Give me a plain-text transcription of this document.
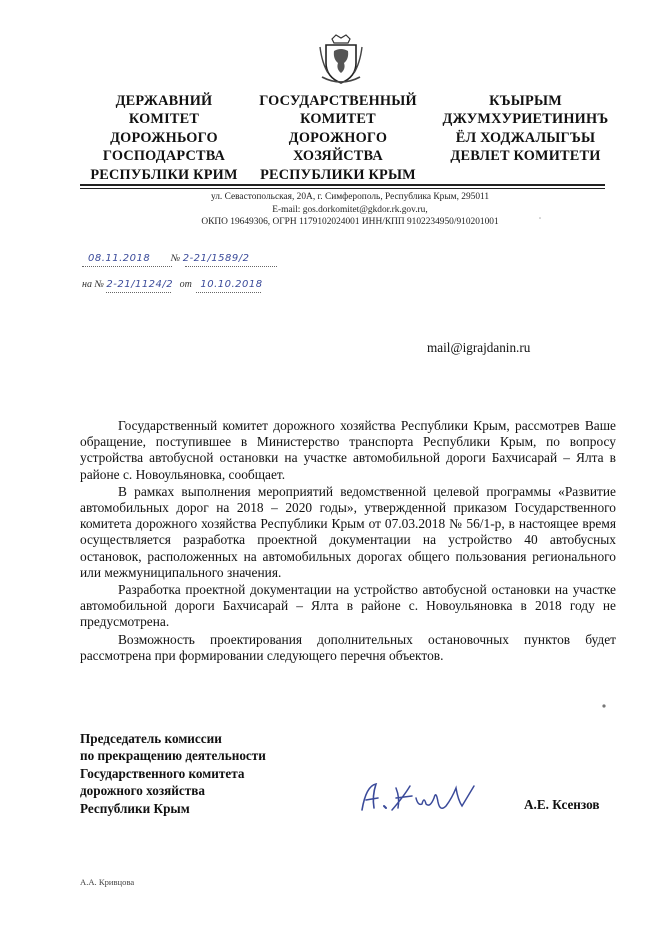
ДЕРЖАВНИЙ
КОМІТЕТ
ДОРОЖНЬОГО
ГОСПОДАРСТВА
РЕСПУБЛІКИ КРИМ
ГОСУДАРСТВЕННЫЙ
КОМИТЕТ
ДОРОЖНОГО
ХОЗЯЙСТВА
РЕСПУБЛИКИ КРЫМ
КЪЫРЫМ
ДЖУМХУРИЕТИНИНЪ
ЁЛ ХОДЖАЛЫГЪЫ
ДЕВЛЕТ КОМИТЕТИ
ул. Севастопольская, 20А, г. Симферополь, Республика Крым, 295011
E-mail: gos.dorkomitet@gkdor.rk.gov.ru,
ОКПО 19649306, ОГРН 1179102024001 ИНН/КПП 9102234950/910201001
08.11.2018 № 2-21/1589/2
на № 2-21/1124/2 от 10.10.2018
mail@igrajdanin.ru

Государственный комитет дорожного хозяйства Республики Крым, рассмотрев Ваше обращение, поступившее в Министерство транспорта Республики Крым, по вопросу устройства автобусной остановки на участке автомобильной дороги Бахчисарай – Ялта в районе с. Новоульяновка, сообщает.

В рамках выполнения мероприятий ведомственной целевой программы «Развитие автомобильных дорог на 2018 – 2020 годы», утвержденной приказом Государственного комитета дорожного хозяйства Республики Крым от 07.03.2018 № 56/1-р, в настоящее время осуществляется разработка проектной документации на устройство 40 автобусных остановок, расположенных на автомобильных дорогах общего пользования регионального или межмуниципального значения.

Разработка проектной документации на устройство автобусной остановки на участке автомобильной дороги Бахчисарай – Ялта в районе с. Новоульяновка в 2018 году не предусмотрена.

Возможность проектирования дополнительных остановочных пунктов будет рассмотрена при формировании следующего перечня объектов.

Председатель комиссии
по прекращению деятельности
Государственного комитета
дорожного хозяйства
Республики Крым	А.Е. Ксензов
А.А. Кривцова
